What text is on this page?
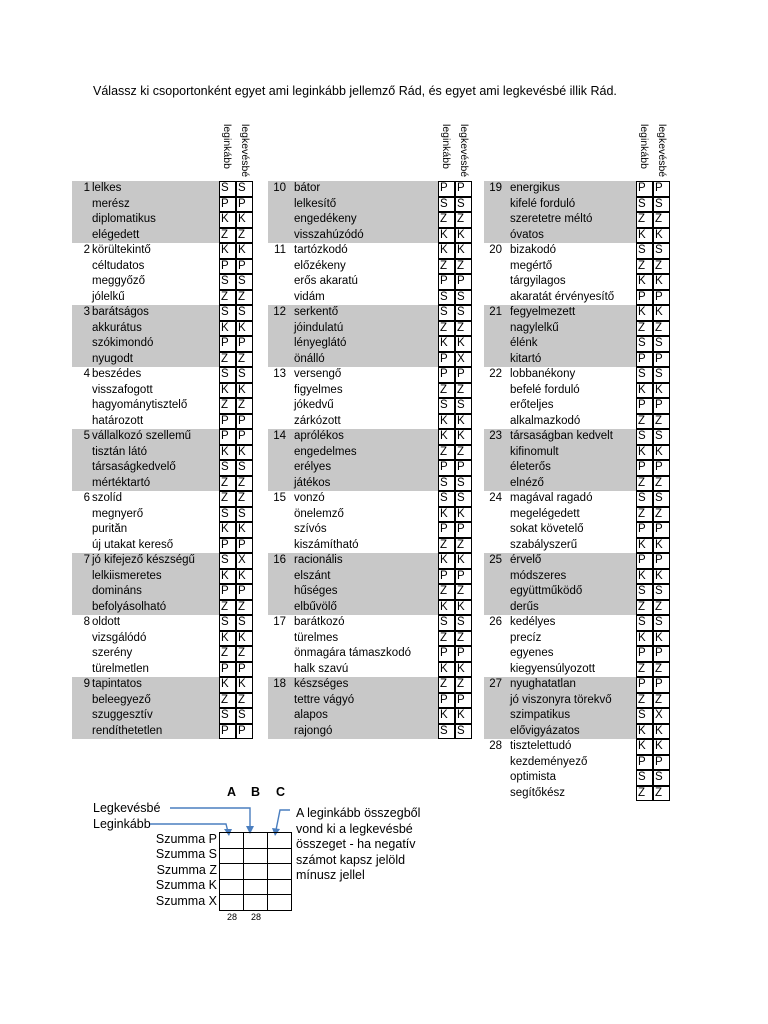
Válassz ki csoportonként egyet ami leginkább jellemző Rád, és egyet ami legkevésbé illik Rád.
leginkább legkevésbé
1 lelkes	S S
merész	P P
diplomatikus	K K
elégedett	Z Z
2 körültekintő	K K
céltudatos	P P
meggyőző	S S
jólelkű	Z Z
3 barátságos	S S
akkurátus	K K
szókimondó	P P
nyugodt	Z Z
4 beszédes	S S
visszafogott	K K
hagyománytisztelő	Z Z
határozott	P P
5 vállalkozó szellemű	P P
tisztán látó	K K
társaságkedvelő	S S
mértéktartó	Z Z
6 szolíd	Z Z
megnyerő	S S
purităn	K K
új utakat kereső	P P
7 jó kifejező készségű S X
lelkiismeretes	K K
domináns	P P
befolyásolható	Z Z
8 oldott	S S
vizsgálódó	K K
szerény	Z Z
türelmetlen	P P
9 tapintatos	K K
beleegyező	Z Z
szuggesztív	S S
rendíthetetlen	P P
leginkább legkevésbé
10 bátor	P P
lelkesítő	S S
engedékeny	Z Z
visszahúzódó	K K
11 tartózkodó	K K
előzékeny	Z Z
erős akaratú	P P
vidám	S S
12 serkentő	S S
jóindulatú	Z Z
lényeglátó	K K
önálló	P X
13 versengő	P P
figyelmes	Z Z
jókedvű	S S
zárkózott	K K
14 aprólékos	K K
engedelmes	Z Z
erélyes	P P
játékos	S S
15 vonzó	S S
önelemző	K K
szívós	P P
kiszámítható	Z Z
16 racionális	K K
elszánt	P P
hűséges	Z Z
elbűvölő	K K
17 barátkozó	S S
türelmes	Z Z
önmagára támaszkodó	P P
halk szavú	K K
18 készséges	Z Z
tettre vágyó	P P
alapos	K K
rajongó	S S
leginkább legkevésbé
19 energikus	P P
kifelé forduló	S S
szeretetre méltó	Z Z
óvatos	K K
20 bizakodó	S S
megértő	Z Z
tárgyilagos	K K
akaratát érvényesítő P P
21 fegyelmezett	K K
nagylelkű	Z Z
élénk	S S
kitartó	P P
22 lobbanékony	S S
befelé forduló	K K
erőteljes	P P
alkalmazkodó	Z Z
23 társaságban kedvelt S S
kifinomult	K K
életerős	P P
elnéző	Z Z
24 magával ragadó	S S
megelégedett	Z Z
sokat követelő	P P
szabályszerű	K K
25 érvelő	P P
módszeres	K K
együttműködő	S S
derűs	Z Z
26 kedélyes	S S
precíz	K K
egyenes	P P
kiegyensúlyozott	Z Z
27 nyughatatlan	P P
jó viszonyra törekvő Z Z
szimpatikus	S X
elővigyázatos	K K
28 tisztelettudó	K K
kezdeményező	P P
optimista	S S
segítőkész	Z Z
A B C
Legkevésbé
Leginkább
Szumma P
Szumma S
Szumma Z
Szumma K
Szumma X

28 28
A leginkább összegből
vond ki a legkevésbé
összeget - ha negatív
számot kapsz jelöld
mínusz jellel
